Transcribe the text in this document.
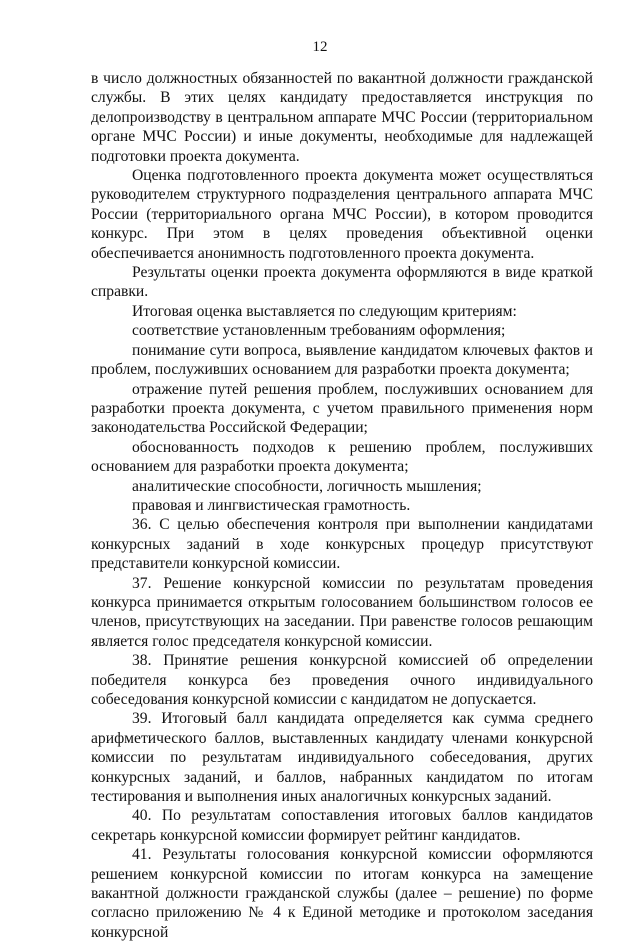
12

в число должностных обязанностей по вакантной должности гражданской службы. В этих целях кандидату предоставляется инструкция по делопроизводству в центральном аппарате МЧС России (территориальном органе МЧС России) и иные документы, необходимые для надлежащей подготовки проекта документа.

Оценка подготовленного проекта документа может осуществляться руководителем структурного подразделения центрального аппарата МЧС России (территориального органа МЧС России), в котором проводится конкурс. При этом в целях проведения объективной оценки обеспечивается анонимность подготовленного проекта документа.

Результаты оценки проекта документа оформляются в виде краткой справки.

Итоговая оценка выставляется по следующим критериям:

соответствие установленным требованиям оформления;

понимание сути вопроса, выявление кандидатом ключевых фактов и проблем, послуживших основанием для разработки проекта документа;

отражение путей решения проблем, послуживших основанием для разработки проекта документа, с учетом правильного применения норм законодательства Российской Федерации;

обоснованность подходов к решению проблем, послуживших основанием для разработки проекта документа;

аналитические способности, логичность мышления;

правовая и лингвистическая грамотность.

36. С целью обеспечения контроля при выполнении кандидатами конкурсных заданий в ходе конкурсных процедур присутствуют представители конкурсной комиссии.

37. Решение конкурсной комиссии по результатам проведения конкурса принимается открытым голосованием большинством голосов ее членов, присутствующих на заседании. При равенстве голосов решающим является голос председателя конкурсной комиссии.

38. Принятие решения конкурсной комиссией об определении победителя конкурса без проведения очного индивидуального собеседования конкурсной комиссии с кандидатом не допускается.

39. Итоговый балл кандидата определяется как сумма среднего арифметического баллов, выставленных кандидату членами конкурсной комиссии по результатам индивидуального собеседования, других конкурсных заданий, и баллов, набранных кандидатом по итогам тестирования и выполнения иных аналогичных конкурсных заданий.

40. По результатам сопоставления итоговых баллов кандидатов секретарь конкурсной комиссии формирует рейтинг кандидатов.

41. Результаты голосования конкурсной комиссии оформляются решением конкурсной комиссии по итогам конкурса на замещение вакантной должности гражданской службы (далее – решение) по форме согласно приложению № 4 к Единой методике и протоколом заседания конкурсной
